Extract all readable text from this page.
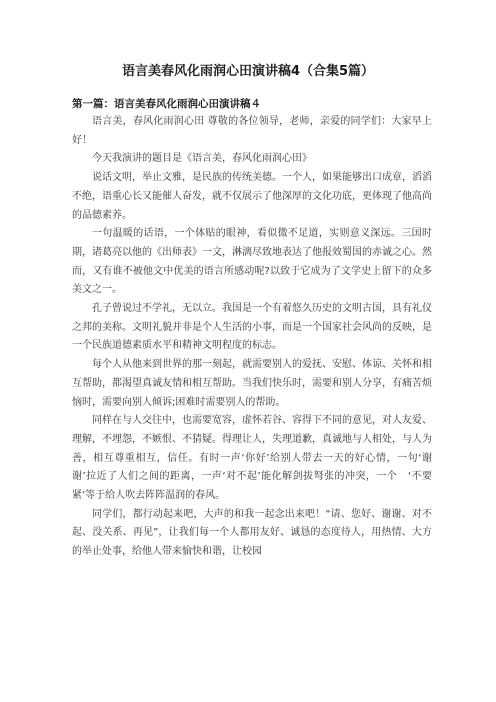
语言美春风化雨润心田演讲稿4（合集5篇）
第一篇：语言美春风化雨润心田演讲稿４

语言美，春风化雨润心田 尊敬的各位领导，老师，亲爱的同学们：大家早上好！

今天我演讲的题目是《语言美，春风化雨润心田》

说话文明，举止文雅，是民族的传统美德。一个人，如果能够出口成章，滔滔不绝，语重心长又能催人奋发，就不仅展示了他深厚的文化功底，更体现了他高尚的品德素养。

一句温暖的话语，一个体贴的眼神，看似微不足道，实则意义深远。三国时期，诸葛亮以他的《出师表》一文，淋漓尽致地表达了他报效蜀国的赤诚之心。然而，又有谁不被他文中优美的语言所感动呢?以致于它成为了文学史上留下的众多美文之一。

孔子曾说过不学礼，无以立。我国是一个有着悠久历史的文明古国，具有礼仪之邦的美称。文明礼貌并非是个人生活的小事，而是一个国家社会风尚的反映，是一个民族道德素质水平和精神文明程度的标志。

每个人从他来到世界的那一刻起，就需要别人的爱抚、安慰、体谅、关怀和相互帮助，都渴望真诚友情和相互帮助。当我们快乐时，需要和别人分享，有痛苦烦恼时，需要向别人倾诉;困难时需要别人的帮助。

同样在与人交往中，也需要宽容，虚怀若谷、容得下不同的意见，对人友爱、理解，不埋怨，不嫉恨、不猜疑。得理让人，失理道歉，真诚地与人相处，与人为善，相互尊重相互，信任。有时一声‘你好’给别人带去一天的好心情，一句‘谢谢’拉近了人们之间的距离，一声‘对不起’能化解剑拔弩张的冲突，一个　‘不要紧’等于给人吹去阵阵温润的春风。

同学们，都行动起来吧，大声的和我一起念出来吧！“请、您好、谢谢、对不起、没关系、再见”，让我们每一个人都用友好、诚恳的态度待人，用热情、大方的举止处事，给他人带来愉快和谐，让校园
